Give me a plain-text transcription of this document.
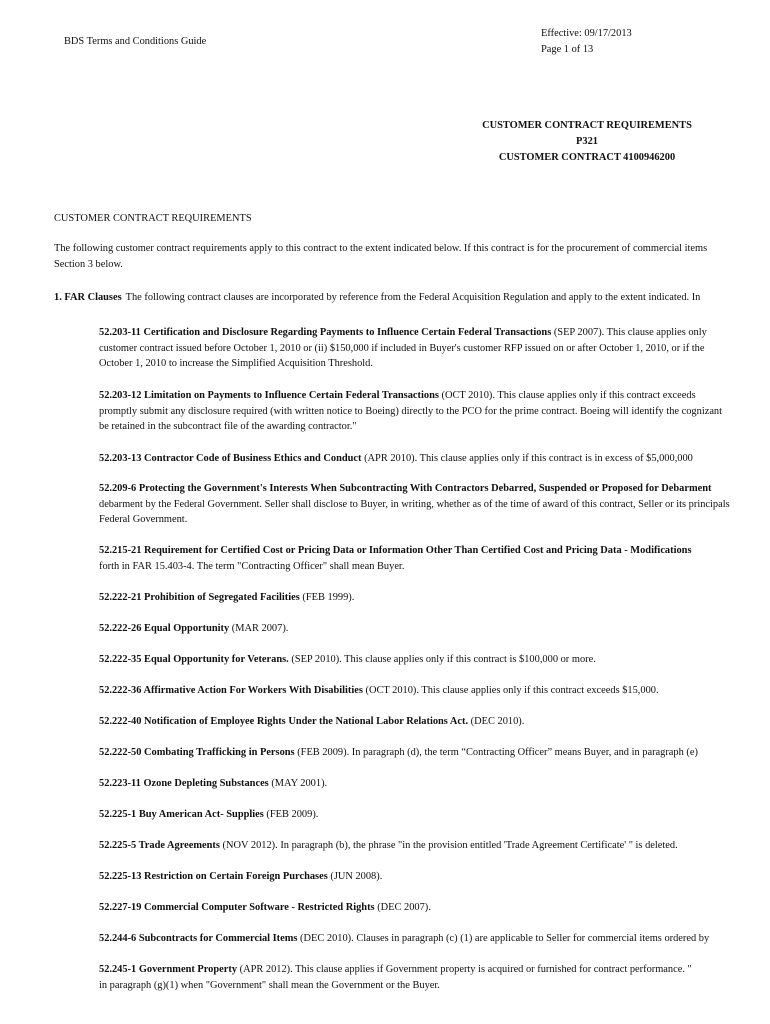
BDS Terms and Conditions Guide
Effective: 09/17/2013
Page 1 of 13
CUSTOMER CONTRACT REQUIREMENTS
P321
CUSTOMER CONTRACT 4100946200
CUSTOMER CONTRACT REQUIREMENTS
The following customer contract requirements apply to this contract to the extent indicated below. If this contract is for the procurement of commercial items
Section 3 below.
1. FAR Clauses The following contract clauses are incorporated by reference from the Federal Acquisition Regulation and apply to the extent indicated. In
52.203-11 Certification and Disclosure Regarding Payments to Influence Certain Federal Transactions (SEP 2007). This clause applies only
customer contract issued before October 1, 2010 or (ii) $150,000 if included in Buyer's customer RFP issued on or after October 1, 2010, or if the
October 1, 2010 to increase the Simplified Acquisition Threshold.
52.203-12 Limitation on Payments to Influence Certain Federal Transactions (OCT 2010). This clause applies only if this contract exceeds
promptly submit any disclosure required (with written notice to Boeing) directly to the PCO for the prime contract. Boeing will identify the cognizant
be retained in the subcontract file of the awarding contractor."
52.203-13 Contractor Code of Business Ethics and Conduct (APR 2010). This clause applies only if this contract is in excess of $5,000,000
52.209-6 Protecting the Government's Interests When Subcontracting With Contractors Debarred, Suspended or Proposed for Debarment
debarment by the Federal Government. Seller shall disclose to Buyer, in writing, whether as of the time of award of this contract, Seller or its principals
Federal Government.
52.215-21 Requirement for Certified Cost or Pricing Data or Information Other Than Certified Cost and Pricing Data - Modifications
forth in FAR 15.403-4. The term "Contracting Officer" shall mean Buyer.
52.222-21 Prohibition of Segregated Facilities (FEB 1999).
52.222-26 Equal Opportunity (MAR 2007).
52.222-35 Equal Opportunity for Veterans. (SEP 2010). This clause applies only if this contract is $100,000 or more.
52.222-36 Affirmative Action For Workers With Disabilities (OCT 2010). This clause applies only if this contract exceeds $15,000.
52.222-40 Notification of Employee Rights Under the National Labor Relations Act. (DEC 2010).
52.222-50 Combating Trafficking in Persons (FEB 2009). In paragraph (d), the term “Contracting Officer” means Buyer, and in paragraph (e)
52.223-11 Ozone Depleting Substances (MAY 2001).
52.225-1 Buy American Act- Supplies (FEB 2009).
52.225-5 Trade Agreements (NOV 2012). In paragraph (b), the phrase "in the provision entitled 'Trade Agreement Certificate' " is deleted.
52.225-13 Restriction on Certain Foreign Purchases (JUN 2008).
52.227-19 Commercial Computer Software - Restricted Rights (DEC 2007).
52.244-6 Subcontracts for Commercial Items (DEC 2010). Clauses in paragraph (c) (1) are applicable to Seller for commercial items ordered by
52.245-1 Government Property (APR 2012). This clause applies if Government property is acquired or furnished for contract performance. "
in paragraph (g)(1) when "Government" shall mean the Government or the Buyer.
